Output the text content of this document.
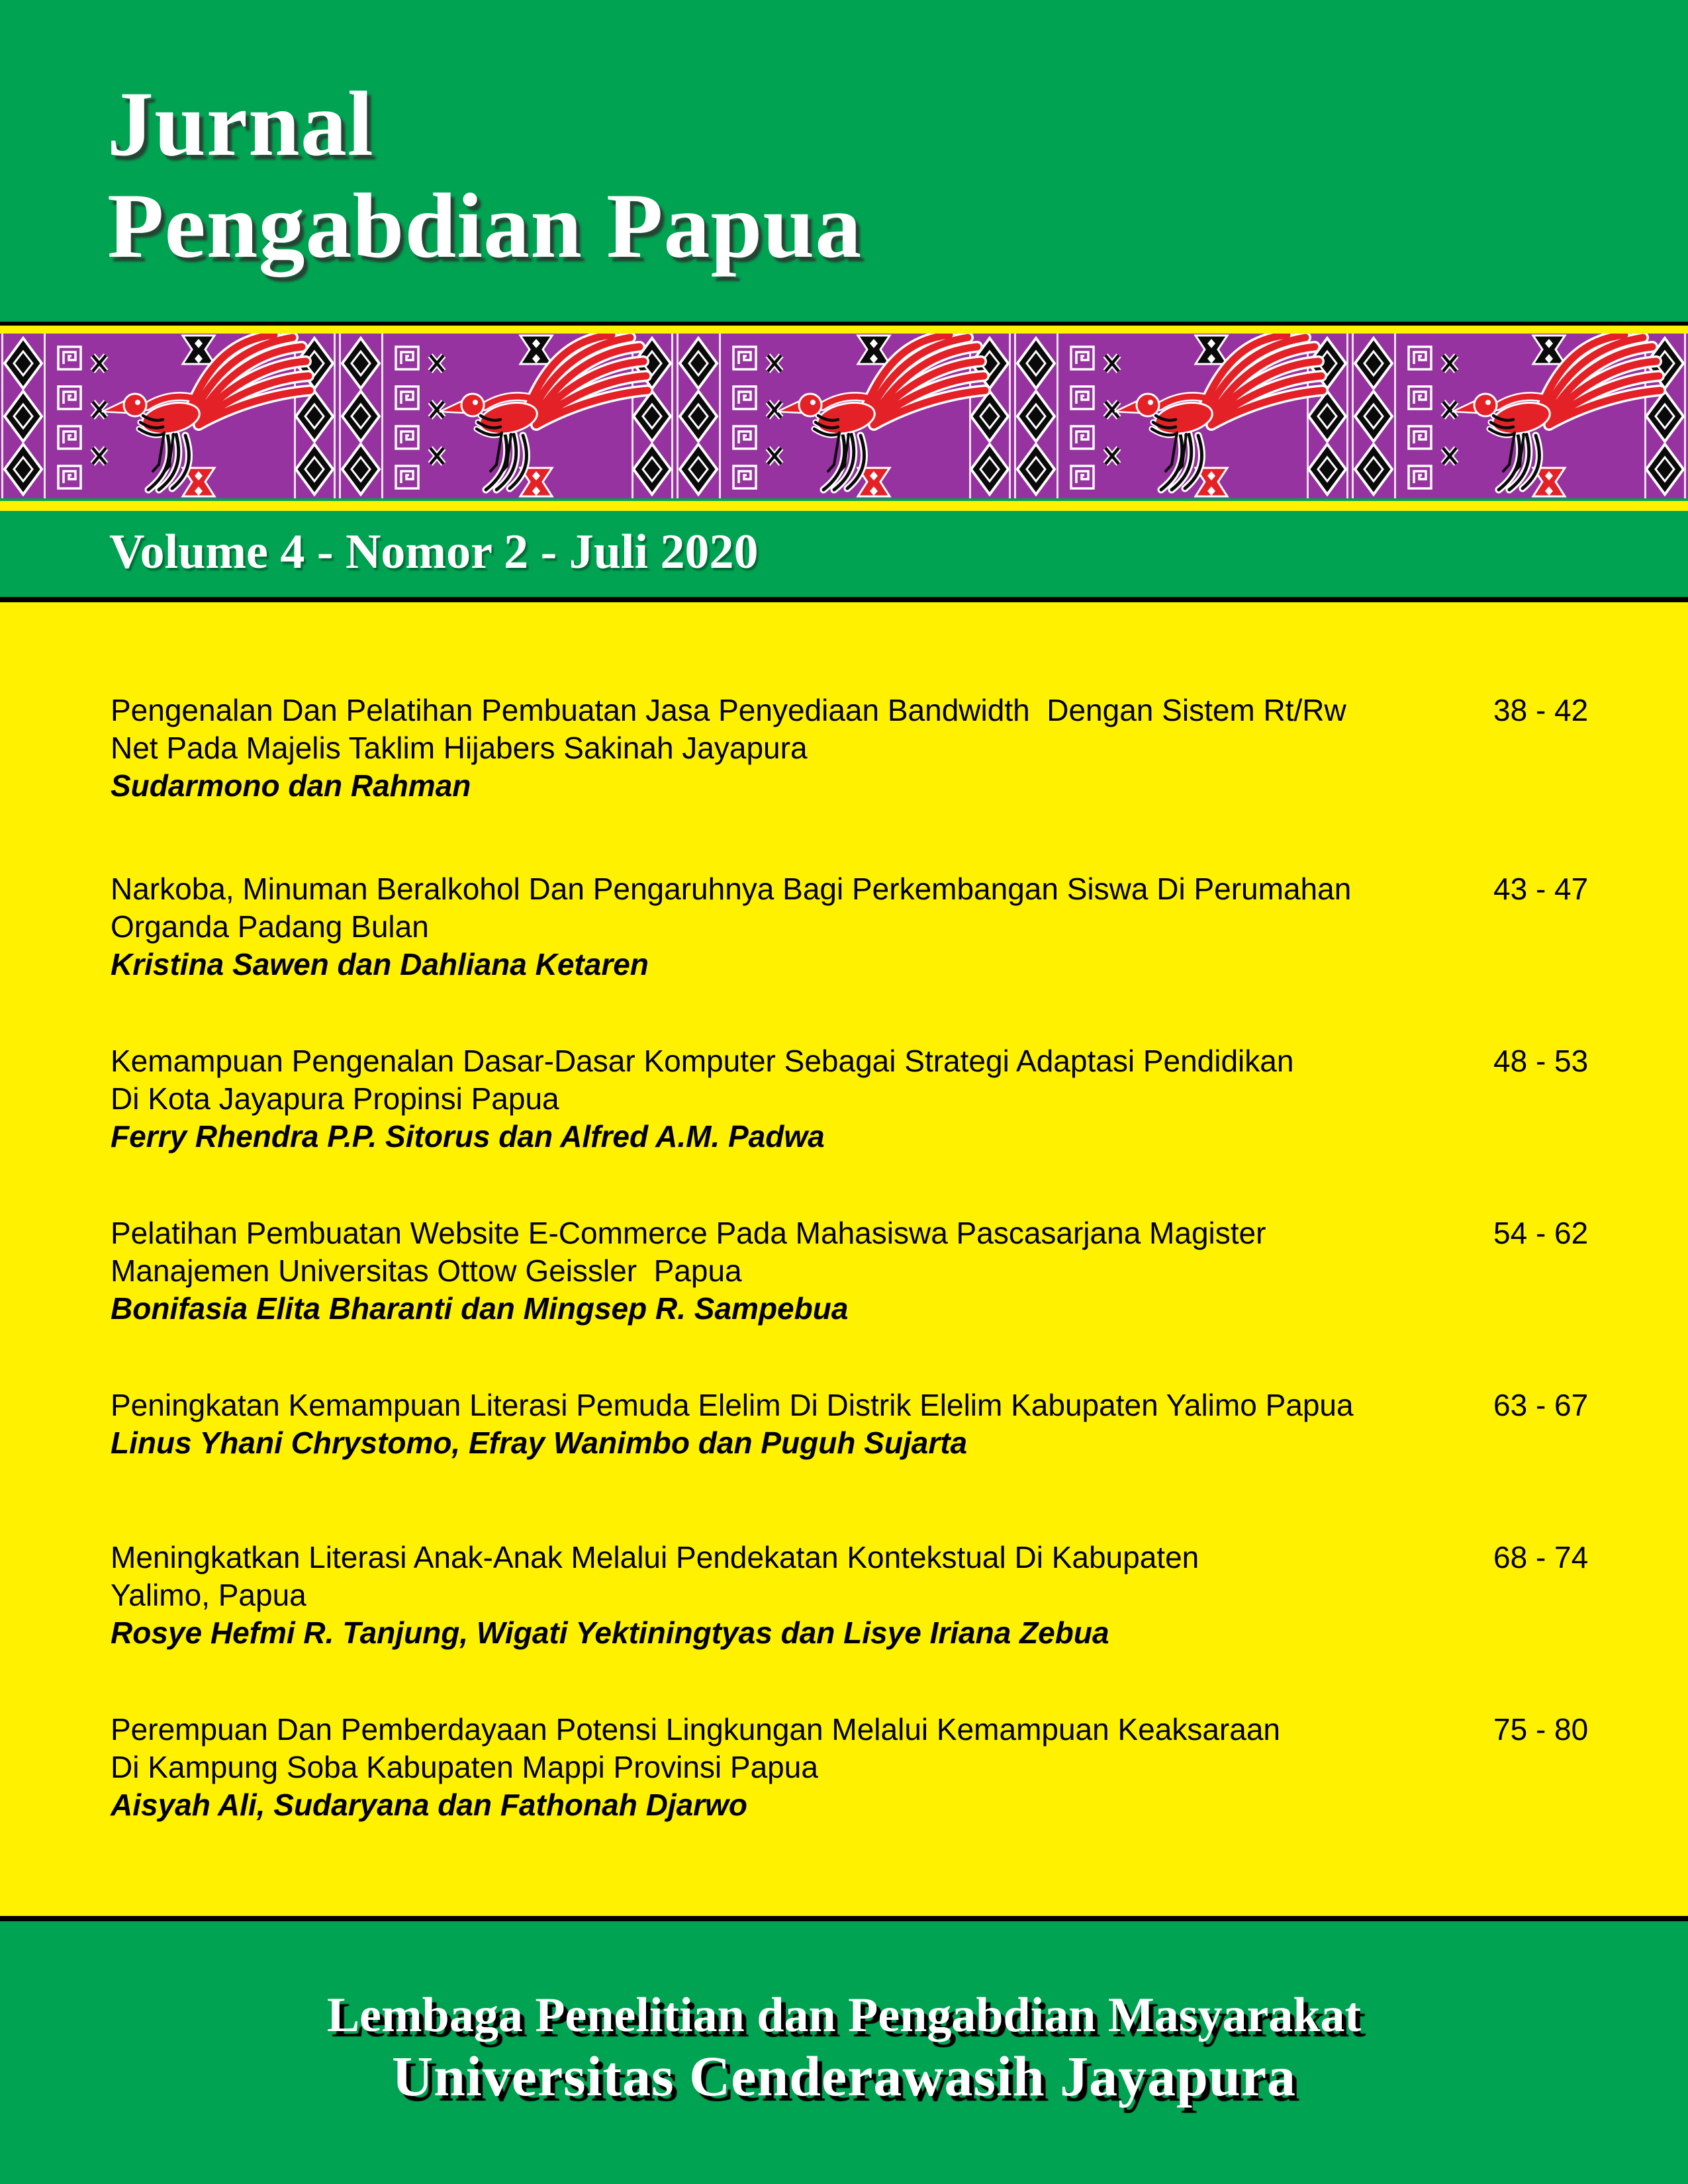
Jurnal
Pengabdian Papua
Volume 4 - Nomor 2 - Juli 2020
Pengenalan Dan Pelatihan Pembuatan Jasa Penyediaan Bandwidth  Dengan Sistem Rt/Rw
Net Pada Majelis Taklim Hijabers Sakinah Jayapura
Sudarmono dan Rahman
38 - 42
Narkoba, Minuman Beralkohol Dan Pengaruhnya Bagi Perkembangan Siswa Di Perumahan
Organda Padang Bulan
Kristina Sawen dan Dahliana Ketaren
43 - 47
Kemampuan Pengenalan Dasar-Dasar Komputer Sebagai Strategi Adaptasi Pendidikan
Di Kota Jayapura Propinsi Papua
Ferry Rhendra P.P. Sitorus dan Alfred A.M. Padwa
48 - 53
Pelatihan Pembuatan Website E-Commerce Pada Mahasiswa Pascasarjana Magister
Manajemen Universitas Ottow Geissler  Papua
Bonifasia Elita Bharanti dan Mingsep R. Sampebua
54 - 62
Peningkatan Kemampuan Literasi Pemuda Elelim Di Distrik Elelim Kabupaten Yalimo Papua
Linus Yhani Chrystomo, Efray Wanimbo dan Puguh Sujarta
63 - 67
Meningkatkan Literasi Anak-Anak Melalui Pendekatan Kontekstual Di Kabupaten
Yalimo, Papua
Rosye Hefmi R. Tanjung, Wigati Yektiningtyas dan Lisye Iriana Zebua
68 - 74
Perempuan Dan Pemberdayaan Potensi Lingkungan Melalui Kemampuan Keaksaraan
Di Kampung Soba Kabupaten Mappi Provinsi Papua
Aisyah Ali, Sudaryana dan Fathonah Djarwo
75 - 80
Lembaga Penelitian dan Pengabdian Masyarakat
Universitas Cenderawasih Jayapura
